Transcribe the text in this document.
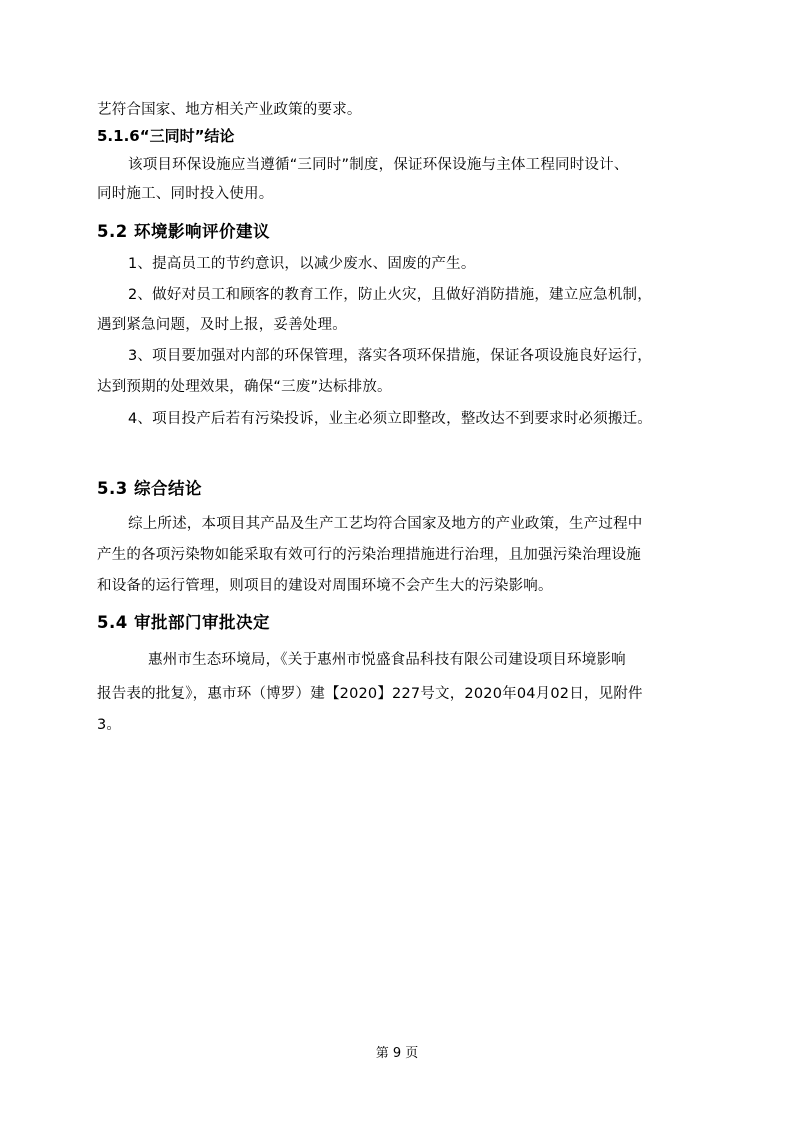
艺符合国家、地方相关产业政策的要求。
5.1.6“三同时”结论
该项目环保设施应当遵循“三同时”制度，保证环保设施与主体工程同时设计、
同时施工、同时投入使用。
5.2 环境影响评价建议
1、提高员工的节约意识，以减少废水、固废的产生。
2、做好对员工和顾客的教育工作，防止火灾，且做好消防措施，建立应急机制，
遇到紧急问题，及时上报，妥善处理。
3、项目要加强对内部的环保管理，落实各项环保措施，保证各项设施良好运行，
达到预期的处理效果，确保“三废”达标排放。
4、项目投产后若有污染投诉，业主必须立即整改，整改达不到要求时必须搬迁。
5.3 综合结论
综上所述，本项目其产品及生产工艺均符合国家及地方的产业政策，生产过程中
产生的各项污染物如能采取有效可行的污染治理措施进行治理，且加强污染治理设施
和设备的运行管理，则项目的建设对周围环境不会产生大的污染影响。
5.4 审批部门审批决定
惠州市生态环境局，《关于惠州市悦盛食品科技有限公司建设项目环境影响
报告表的批复》，惠市环（博罗）建【2020】227号文，2020年04月02日，见附件
3。
第 9 页
